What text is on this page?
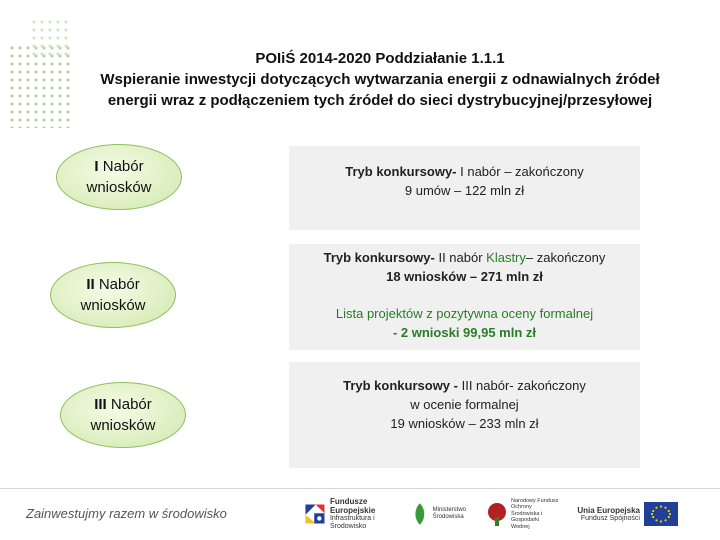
POIiŚ 2014-2020 Poddziałanie 1.1.1
Wspieranie inwestycji dotyczących wytwarzania energii z odnawialnych źródeł
energii wraz z podłączeniem tych źródeł do sieci dystrybucyjnej/przesyłowej
I Nabór
wniosków
II Nabór
wniosków
III Nabór
wniosków
Tryb konkursowy- I nabór – zakończony
9 umów – 122 mln zł
Tryb konkursowy- II nabór Klastry– zakończony
18 wniosków – 271 mln zł
Lista projektów z pozytywna oceny formalnej
- 2 wnioski 99,95 mln zł
Tryb konkursowy - III nabór- zakończony
w ocenie formalnej
19 wniosków – 233 mln zł
Zainwestujmy razem w środowisko
Fundusze Europejskie
Infrastruktura i Środowisko
Ministerstwo Środowiska
Narodowy Fundusz Ochrony Środowiska i Gospodarki Wodnej
Unia Europejska
Fundusz Spójności
